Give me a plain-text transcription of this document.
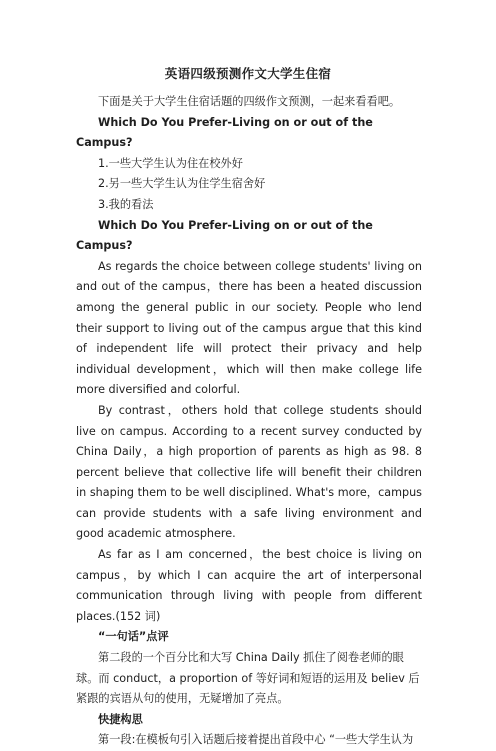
英语四级预测作文大学生住宿

下面是关于大学生住宿话题的四级作文预测，一起来看看吧。

Which Do You Prefer-Living on or out of the Campus?

1.一些大学生认为住在校外好

2.另一些大学生认为住学生宿舍好

3.我的看法

Which Do You Prefer-Living on or out of the Campus?

As regards the choice between college students' living on and out of the campus，there has been a heated discussion among the general public in our society. People who lend their support to living out of the campus argue that this kind of independent life will protect their privacy and help individual development，which will then make college life more diversified and colorful.

By contrast，others hold that college students should live on campus. According to a recent survey conducted by China Daily，a high proportion of parents as high as 98. 8 percent believe that collective life will benefit their children in shaping them to be well disciplined. What's more，campus can provide students with a safe living environment and good academic atmosphere.

As far as I am concerned，the best choice is living on campus，by which I can acquire the art of interpersonal communication through living with people from different places.(152 词)

“一句话”点评

第二段的一个百分比和大写 China Daily 抓住了阅卷老师的眼球。而 conduct，a proportion of 等好词和短语的运用及 believ 后紧跟的宾语从句的使用，无疑增加了亮点。

快捷构思

第一段:在模板句引入话题后接着提出首段中心 “一些大学生认为
